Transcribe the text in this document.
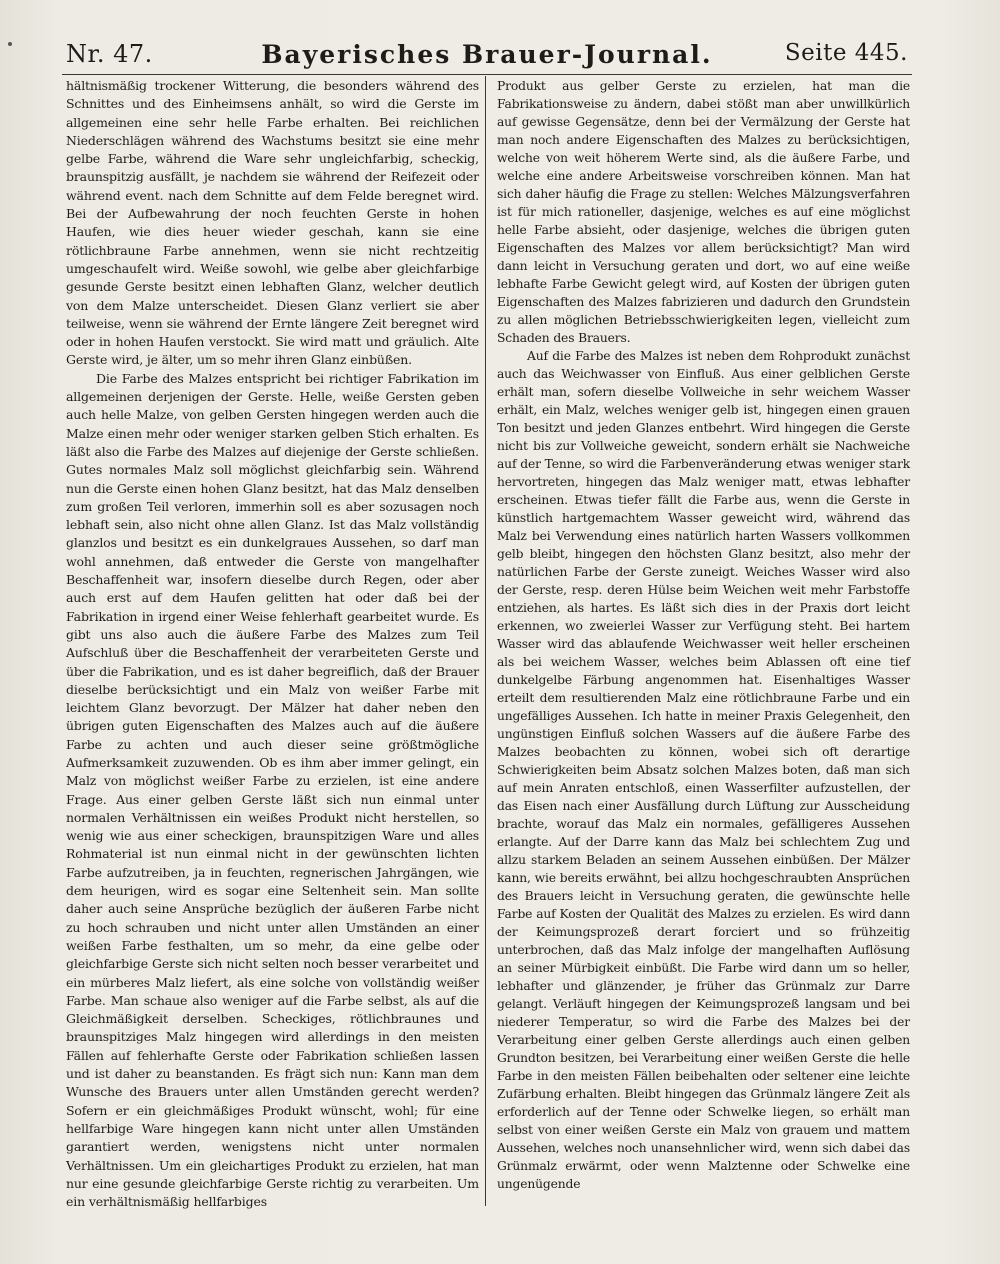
Nr. 47.	Bayerisches Brauer-Journal.	Seite 445.

hältnismäßig trockener Witterung, die besonders während des Schnittes und des Einheimsens anhält, so wird die Gerste im allgemeinen eine sehr helle Farbe erhalten. Bei reichlichen Niederschlägen während des Wachstums besitzt sie eine mehr gelbe Farbe, während die Ware sehr ungleichfarbig, scheckig, braunspitzig ausfällt, je nachdem sie während der Reifezeit oder während event. nach dem Schnitte auf dem Felde beregnet wird. Bei der Aufbewahrung der noch feuchten Gerste in hohen Haufen, wie dies heuer wieder geschah, kann sie eine rötlichbraune Farbe annehmen, wenn sie nicht rechtzeitig umgeschaufelt wird. Weiße sowohl, wie gelbe aber gleichfarbige gesunde Gerste besitzt einen lebhaften Glanz, welcher deutlich von dem Malze unterscheidet. Diesen Glanz verliert sie aber teilweise, wenn sie während der Ernte längere Zeit beregnet wird oder in hohen Haufen verstockt. Sie wird matt und gräulich. Alte Gerste wird, je älter, um so mehr ihren Glanz einbüßen.

Die Farbe des Malzes entspricht bei richtiger Fabrikation im allgemeinen derjenigen der Gerste. Helle, weiße Gersten geben auch helle Malze, von gelben Gersten hingegen werden auch die Malze einen mehr oder weniger starken gelben Stich erhalten. Es läßt also die Farbe des Malzes auf diejenige der Gerste schließen. Gutes normales Malz soll möglichst gleichfarbig sein. Während nun die Gerste einen hohen Glanz besitzt, hat das Malz denselben zum großen Teil verloren, immerhin soll es aber sozusagen noch lebhaft sein, also nicht ohne allen Glanz. Ist das Malz vollständig glanzlos und besitzt es ein dunkelgraues Aussehen, so darf man wohl annehmen, daß entweder die Gerste von mangelhafter Beschaffenheit war, insofern dieselbe durch Regen, oder aber auch erst auf dem Haufen gelitten hat oder daß bei der Fabrikation in irgend einer Weise fehlerhaft gearbeitet wurde. Es gibt uns also auch die äußere Farbe des Malzes zum Teil Aufschluß über die Beschaffenheit der verarbeiteten Gerste und über die Fabrikation, und es ist daher begreiflich, daß der Brauer dieselbe berücksichtigt und ein Malz von weißer Farbe mit leichtem Glanz bevorzugt. Der Mälzer hat daher neben den übrigen guten Eigenschaften des Malzes auch auf die äußere Farbe zu achten und auch dieser seine größtmögliche Aufmerksamkeit zuzuwenden. Ob es ihm aber immer gelingt, ein Malz von möglichst weißer Farbe zu erzielen, ist eine andere Frage. Aus einer gelben Gerste läßt sich nun einmal unter normalen Verhältnissen ein weißes Produkt nicht herstellen, so wenig wie aus einer scheckigen, braunspitzigen Ware und alles Rohmaterial ist nun einmal nicht in der gewünschten lichten Farbe aufzutreiben, ja in feuchten, regnerischen Jahrgängen, wie dem heurigen, wird es sogar eine Seltenheit sein. Man sollte daher auch seine Ansprüche bezüglich der äußeren Farbe nicht zu hoch schrauben und nicht unter allen Umständen an einer weißen Farbe festhalten, um so mehr, da eine gelbe oder gleichfarbige Gerste sich nicht selten noch besser verarbeitet und ein mürberes Malz liefert, als eine solche von vollständig weißer Farbe. Man schaue also weniger auf die Farbe selbst, als auf die Gleichmäßigkeit derselben. Scheckiges, rötlichbraunes und braunspitziges Malz hingegen wird allerdings in den meisten Fällen auf fehlerhafte Gerste oder Fabrikation schließen lassen und ist daher zu beanstanden. Es frägt sich nun: Kann man dem Wunsche des Brauers unter allen Umständen gerecht werden? Sofern er ein gleichmäßiges Produkt wünscht, wohl; für eine hellfarbige Ware hingegen kann nicht unter allen Umständen garantiert werden, wenigstens nicht unter normalen Verhältnissen. Um ein gleichartiges Produkt zu erzielen, hat man nur eine gesunde gleichfarbige Gerste richtig zu verarbeiten. Um ein verhältnismäßig hellfarbiges

Produkt aus gelber Gerste zu erzielen, hat man die Fabrikationsweise zu ändern, dabei stößt man aber unwillkürlich auf gewisse Gegensätze, denn bei der Vermälzung der Gerste hat man noch andere Eigenschaften des Malzes zu berücksichtigen, welche von weit höherem Werte sind, als die äußere Farbe, und welche eine andere Arbeitsweise vorschreiben können. Man hat sich daher häufig die Frage zu stellen: Welches Mälzungsverfahren ist für mich rationeller, dasjenige, welches es auf eine möglichst helle Farbe absieht, oder dasjenige, welches die übrigen guten Eigenschaften des Malzes vor allem berücksichtigt? Man wird dann leicht in Versuchung geraten und dort, wo auf eine weiße lebhafte Farbe Gewicht gelegt wird, auf Kosten der übrigen guten Eigenschaften des Malzes fabrizieren und dadurch den Grundstein zu allen möglichen Betriebsschwierigkeiten legen, vielleicht zum Schaden des Brauers.

Auf die Farbe des Malzes ist neben dem Rohprodukt zunächst auch das Weichwasser von Einfluß. Aus einer gelblichen Gerste erhält man, sofern dieselbe Vollweiche in sehr weichem Wasser erhält, ein Malz, welches weniger gelb ist, hingegen einen grauen Ton besitzt und jeden Glanzes entbehrt. Wird hingegen die Gerste nicht bis zur Vollweiche geweicht, sondern erhält sie Nachweiche auf der Tenne, so wird die Farbenveränderung etwas weniger stark hervortreten, hingegen das Malz weniger matt, etwas lebhafter erscheinen. Etwas tiefer fällt die Farbe aus, wenn die Gerste in künstlich hartgemachtem Wasser geweicht wird, während das Malz bei Verwendung eines natürlich harten Wassers vollkommen gelb bleibt, hingegen den höchsten Glanz besitzt, also mehr der natürlichen Farbe der Gerste zuneigt. Weiches Wasser wird also der Gerste, resp. deren Hülse beim Weichen weit mehr Farbstoffe entziehen, als hartes. Es läßt sich dies in der Praxis dort leicht erkennen, wo zweierlei Wasser zur Verfügung steht. Bei hartem Wasser wird das ablaufende Weichwasser weit heller erscheinen als bei weichem Wasser, welches beim Ablassen oft eine tief dunkelgelbe Färbung angenommen hat. Eisenhaltiges Wasser erteilt dem resultierenden Malz eine rötlichbraune Farbe und ein ungefälliges Aussehen. Ich hatte in meiner Praxis Gelegenheit, den ungünstigen Einfluß solchen Wassers auf die äußere Farbe des Malzes beobachten zu können, wobei sich oft derartige Schwierigkeiten beim Absatz solchen Malzes boten, daß man sich auf mein Anraten entschloß, einen Wasserfilter aufzustellen, der das Eisen nach einer Ausfällung durch Lüftung zur Ausscheidung brachte, worauf das Malz ein normales, gefälligeres Aussehen erlangte. Auf der Darre kann das Malz bei schlechtem Zug und allzu starkem Beladen an seinem Aussehen einbüßen. Der Mälzer kann, wie bereits erwähnt, bei allzu hochgeschraubten Ansprüchen des Brauers leicht in Versuchung geraten, die gewünschte helle Farbe auf Kosten der Qualität des Malzes zu erzielen. Es wird dann der Keimungsprozeß derart forciert und so frühzeitig unterbrochen, daß das Malz infolge der mangelhaften Auflösung an seiner Mürbigkeit einbüßt. Die Farbe wird dann um so heller, lebhafter und glänzender, je früher das Grünmalz zur Darre gelangt. Verläuft hingegen der Keimungsprozeß langsam und bei niederer Temperatur, so wird die Farbe des Malzes bei der Verarbeitung einer gelben Gerste allerdings auch einen gelben Grundton besitzen, bei Verarbeitung einer weißen Gerste die helle Farbe in den meisten Fällen beibehalten oder seltener eine leichte Zufärbung erhalten. Bleibt hingegen das Grünmalz längere Zeit als erforderlich auf der Tenne oder Schwelke liegen, so erhält man selbst von einer weißen Gerste ein Malz von grauem und mattem Aussehen, welches noch unansehnlicher wird, wenn sich dabei das Grünmalz erwärmt, oder wenn Malztenne oder Schwelke eine ungenügende
